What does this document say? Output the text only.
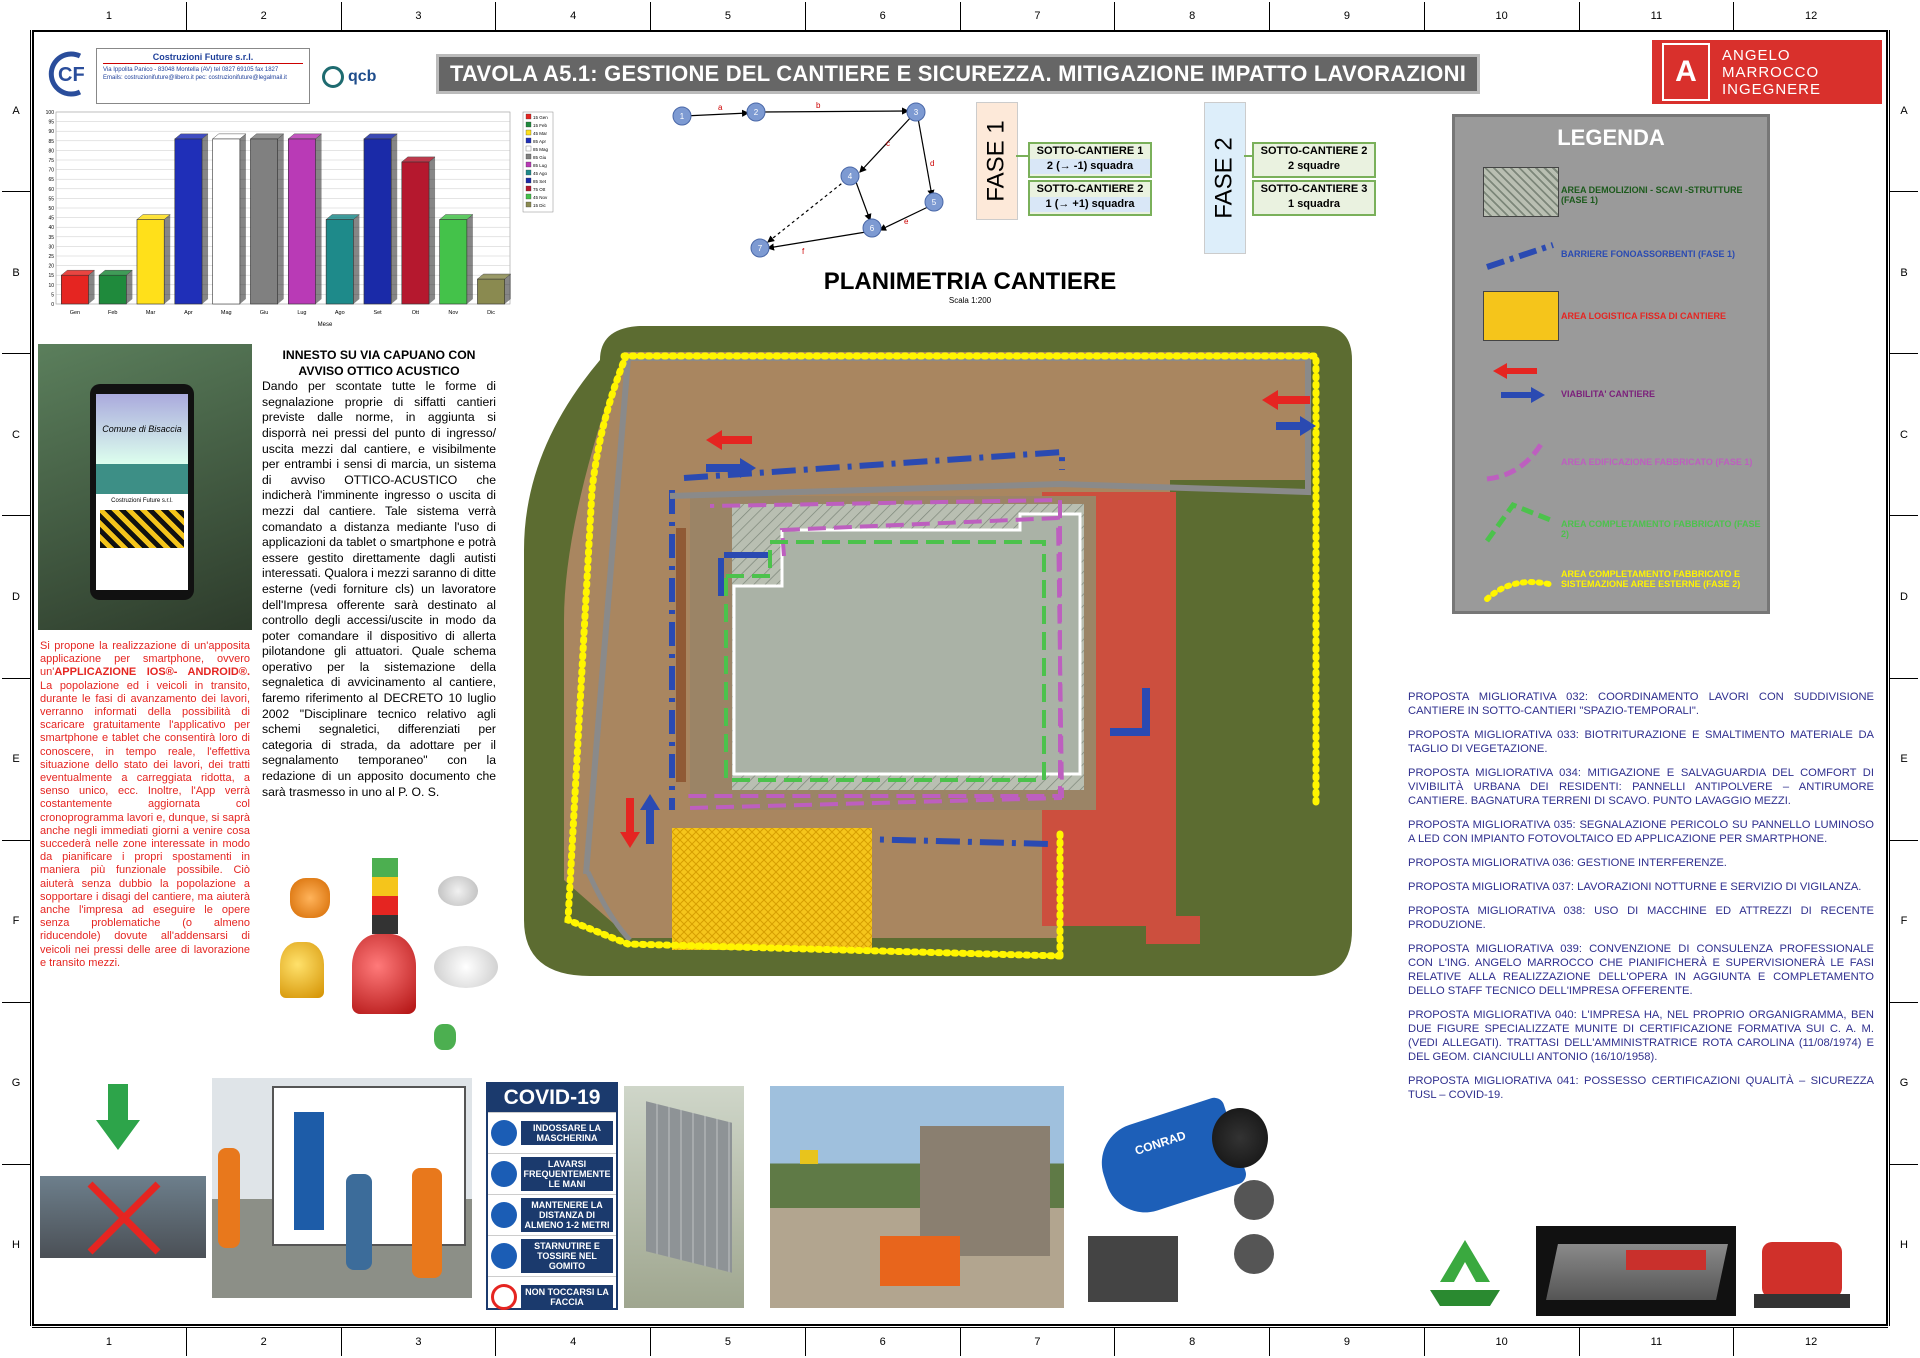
1	2	3	4	5	6	7	8	9	10	11	12
1	2	3	4	5	6	7	8	9	10	11	12
A
B
C
D
E
F
G
H
A
B
C
D
E
F
G
H
CF
Costruzioni Future s.r.l.
Via Ippolita Panico - 83048 Montella (AV) tel 0827 69105 fax 1827
Emails: costruzionifuture@libero.it pec: costruzionifuture@legalmail.it	qcb	TAVOLA A5.1: GESTIONE DEL CANTIERE E SICUREZZA. MITIGAZIONE IMPATTO LAVORAZIONI	A	ANGELO
MARROCCO
INGEGNERE
0
5
10
15
20
25
30
35
40
45
50
55
60
65
70
75
80
85
90
95
100
Gen	Feb	Mar	Apr	Mag	Giu	Lug	Ago	Set	Ott	Nov	Dic
15 Gen
15 Feb
45 Mar
85 Apr
85 Mag
85 Giu
85 Lug
45 Ago
85 Set
75 Ott
45 Nov
15 Dic
Mese
b
a
c
d
e
f
1	2	3
4
5
6
7
FASE 1	SOTTO-CANTIERE 1
2 (→ -1) squadra
SOTTO-CANTIERE 2
1 (→ +1) squadra	FASE 2	SOTTO-CANTIERE 2
2 squadre
SOTTO-CANTIERE 3
1 squadra
PLANIMETRIA CANTIERE
Scala 1:200
LEGENDA
AREA DEMOLIZIONI - SCAVI -STRUTTURE (FASE 1)
BARRIERE FONOASSORBENTI (FASE 1)
AREA LOGISTICA FISSA DI CANTIERE
VIABILITA' CANTIERE
AREA EDIFICAZIONE FABBRICATO (FASE 1)
AREA COMPLETAMENTO FABBRICATO (FASE 2)
AREA COMPLETAMENTO FABBRICATO E SISTEMAZIONE AREE ESTERNE (FASE 2)
Comune di Bisaccia
Costruzioni Future s.r.l.
INNESTO SU VIA CAPUANO CON AVVISO OTTICO ACUSTICO
Dando per scontate tutte le forme di segnalazione proprie di siffatti cantieri previste dalle norme, in aggiunta si disporrà nei pressi del punto di ingresso/ uscita mezzi dal cantiere, e visibilmente per entrambi i sensi di marcia, un sistema di avviso OTTICO-ACUSTICO che indicherà l'imminente ingresso o uscita di mezzi dal cantiere. Tale sistema verrà comandato a distanza mediante l'uso di applicazioni da tablet o smartphone e potrà essere gestito direttamente dagli autisti interessati. Qualora i mezzi saranno di ditte esterne (vedi forniture cls) un lavoratore dell'Impresa offerente sarà destinato al controllo degli accessi/uscite in modo da poter comandare il dispositivo di allerta pilotandone gli attuatori. Quale schema operativo per la sistemazione della segnaletica di avvicinamento al cantiere, faremo riferimento al DECRETO 10 luglio 2002 "Disciplinare tecnico relativo agli schemi segnaletici, differenziati per categoria di strada, da adottare per il segnalamento temporaneo" con la redazione di un apposito documento che sarà trasmesso in uno al P. O. S.
Si propone la realizzazione di un'apposita applicazione per smartphone, ovvero un'APPLICAZIONE IOS®- ANDROID®. La popolazione ed i veicoli in transito, durante le fasi di avanzamento dei lavori, verranno informati della possibilità di scaricare gratuitamente l'applicativo per smartphone e tablet che consentirà loro di conoscere, in tempo reale, l'effettiva situazione dello stato dei lavori, dei tratti eventualmente a carreggiata ridotta, a senso unico, ecc. Inoltre, l'App verrà costantemente aggiornata col cronoprogramma lavori e, dunque, si saprà anche negli immediati giorni a venire cosa succederà nelle zone interessate in modo da pianificare i propri spostamenti in maniera più funzionale possibile. Ciò aiuterà senza dubbio la popolazione a sopportare i disagi del cantiere, ma aiuterà anche l'impresa ad eseguire le opere senza problematiche (o almeno riducendole) dovute all'addensarsi di veicoli nei pressi delle aree di lavorazione e transito mezzi.
COVID-19
INDOSSARE LA MASCHERINA
LAVARSI FREQUENTEMENTE LE MANI
MANTENERE LA DISTANZA DI ALMENO 1-2 METRI
STARNUTIRE E TOSSIRE NEL GOMITO
NON TOCCARSI LA FACCIA
CONRAD

PROPOSTA MIGLIORATIVA 032: COORDINAMENTO LAVORI CON SUDDIVISIONE CANTIERE IN SOTTO-CANTIERI "SPAZIO-TEMPORALI".

PROPOSTA MIGLIORATIVA 033: BIOTRITURAZIONE E SMALTIMENTO MATERIALE DA TAGLIO DI VEGETAZIONE.

PROPOSTA MIGLIORATIVA 034: MITIGAZIONE E SALVAGUARDIA DEL COMFORT DI VIVIBILITÀ URBANA DEI RESIDENTI: PANNELLI ANTIPOLVERE – ANTIRUMORE CANTIERE. BAGNATURA TERRENI DI SCAVO. PUNTO LAVAGGIO MEZZI.

PROPOSTA MIGLIORATIVA 035: SEGNALAZIONE PERICOLO SU PANNELLO LUMINOSO A LED CON IMPIANTO FOTOVOLTAICO ED APPLICAZIONE PER SMARTPHONE.

PROPOSTA MIGLIORATIVA 036: GESTIONE INTERFERENZE.

PROPOSTA MIGLIORATIVA 037: LAVORAZIONI NOTTURNE E SERVIZIO DI VIGILANZA.

PROPOSTA MIGLIORATIVA 038: USO DI MACCHINE ED ATTREZZI DI RECENTE PRODUZIONE.

PROPOSTA MIGLIORATIVA 039: CONVENZIONE DI CONSULENZA PROFESSIONALE CON L'ING. ANGELO MARROCCO CHE PIANIFICHERÀ E SUPERVISIONERÀ LE FASI RELATIVE ALLA REALIZZAZIONE DELL'OPERA IN AGGIUNTA E COMPLETAMENTO DELLO STAFF TECNICO DELL'IMPRESA OFFERENTE.

PROPOSTA MIGLIORATIVA 040: L'IMPRESA HA, NEL PROPRIO ORGANIGRAMMA, BEN DUE FIGURE SPECIALIZZATE MUNITE DI CERTIFICAZIONE FORMATIVA SUI C. A. M. (VEDI ALLEGATI). TRATTASI DELL'AMMINISTRATRICE ROTA CAROLINA (11/08/1974) E DEL GEOM. CIANCIULLI ANTONIO (16/10/1958).

PROPOSTA MIGLIORATIVA 041: POSSESSO CERTIFICAZIONI QUALITÀ – SICUREZZA TUSL – COVID-19.
